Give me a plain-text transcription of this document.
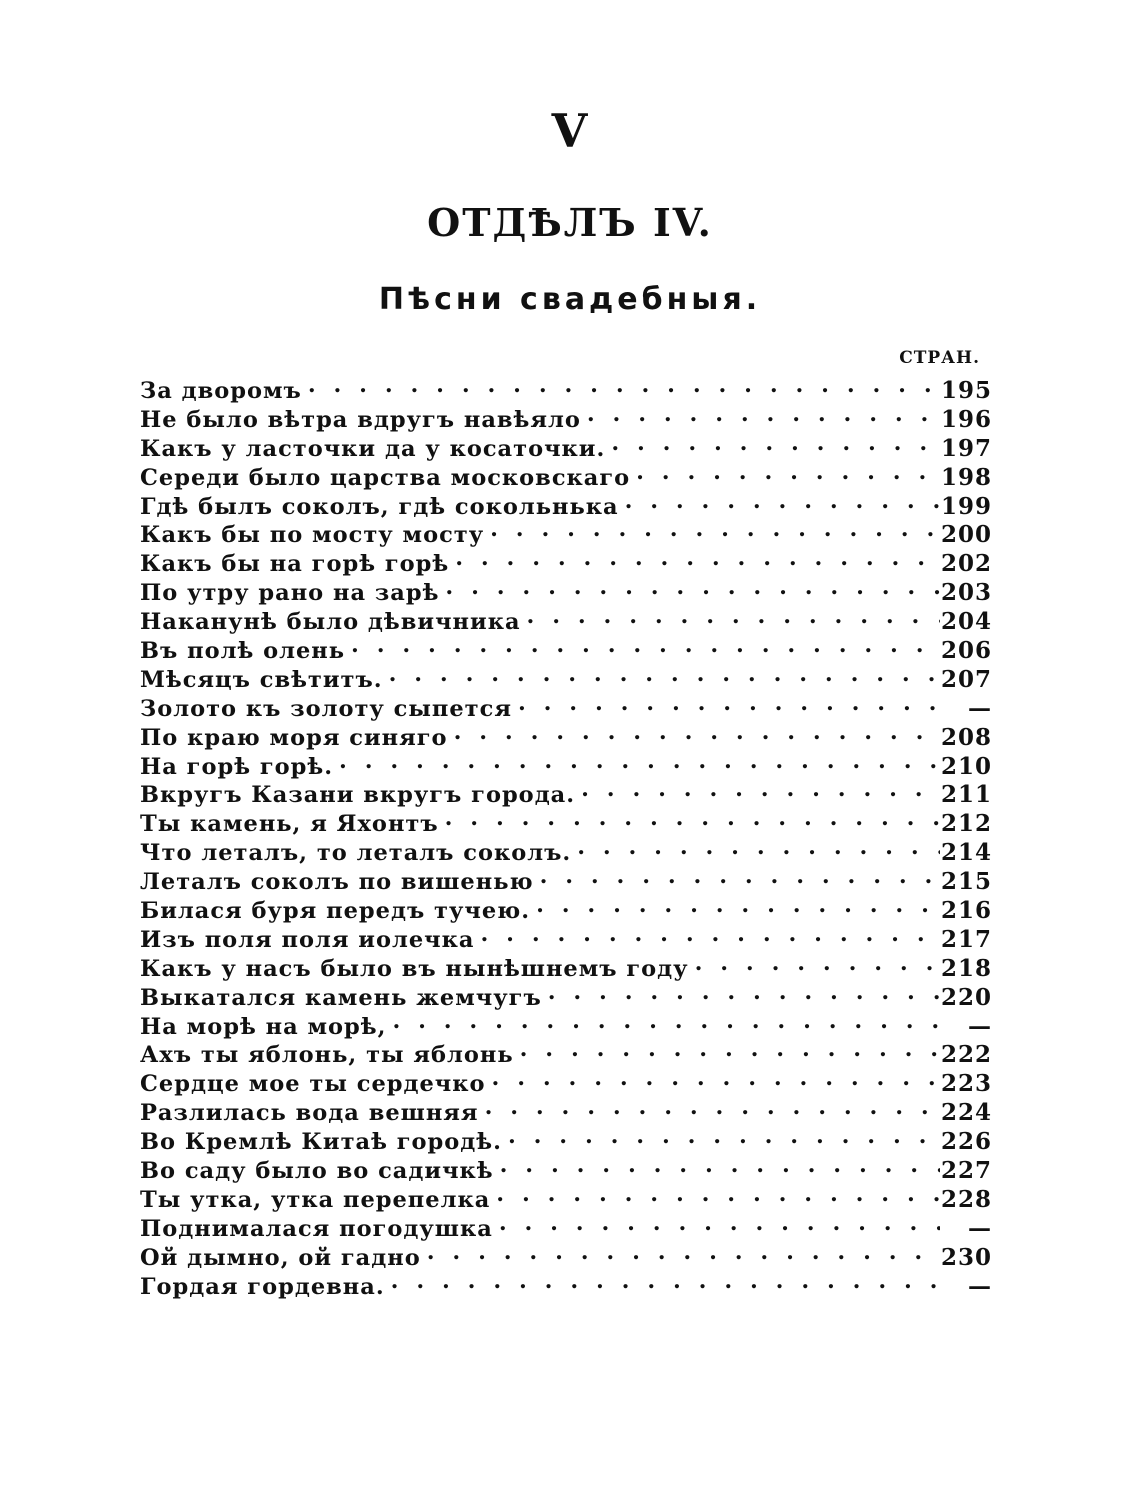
V
ОТДѢЛЪ IV.
Пѣсни свадебныя.
СТРАН.
За дворомъ . . .	195
Не было вѣтра вдругъ навѣяло . . .	196
Какъ у ласточки да у косаточки. . . .	197
Середи было царства московскаго . . .	198
Гдѣ былъ соколъ, гдѣ сокольнька . . .	199
Какъ бы по мосту мосту . . .	200
Какъ бы на горѣ горѣ . . .	202
По утру рано на зарѣ . . .	203
Наканунѣ было дѣвичника . . .	204
Въ полѣ олень . . .	206
Мѣсяцъ свѣтитъ. . . .	207
Золото къ золоту сыпется . . .	—
По краю моря синяго . . .	208
На горѣ горѣ. . . .	210
Вкругъ Казани вкругъ города. . . .	211
Ты камень, я Яхонтъ . . .	212
Что леталъ, то леталъ соколъ. . . .	214
Леталъ соколъ по вишенью . . .	215
Билася буря передъ тучею. . . .	216
Изъ поля поля иолечка . . .	217
Какъ у насъ было въ нынѣшнемъ году . . .	218
Выкатался камень жемчугъ . . .	220
На морѣ на морѣ, . . .	—
Ахъ ты яблонь, ты яблонь . . .	222
Сердце мое ты сердечко . . .	223
Разлилась вода вешняя . . .	224
Во Кремлѣ Китаѣ городѣ. . . .	226
Во саду было во садичкѣ . . .	227
Ты утка, утка перепелка . . .	228
Поднималася погодушка . . .	—
Ой дымно, ой гадно . . .	230
Гордая гордевна. . . .	—
